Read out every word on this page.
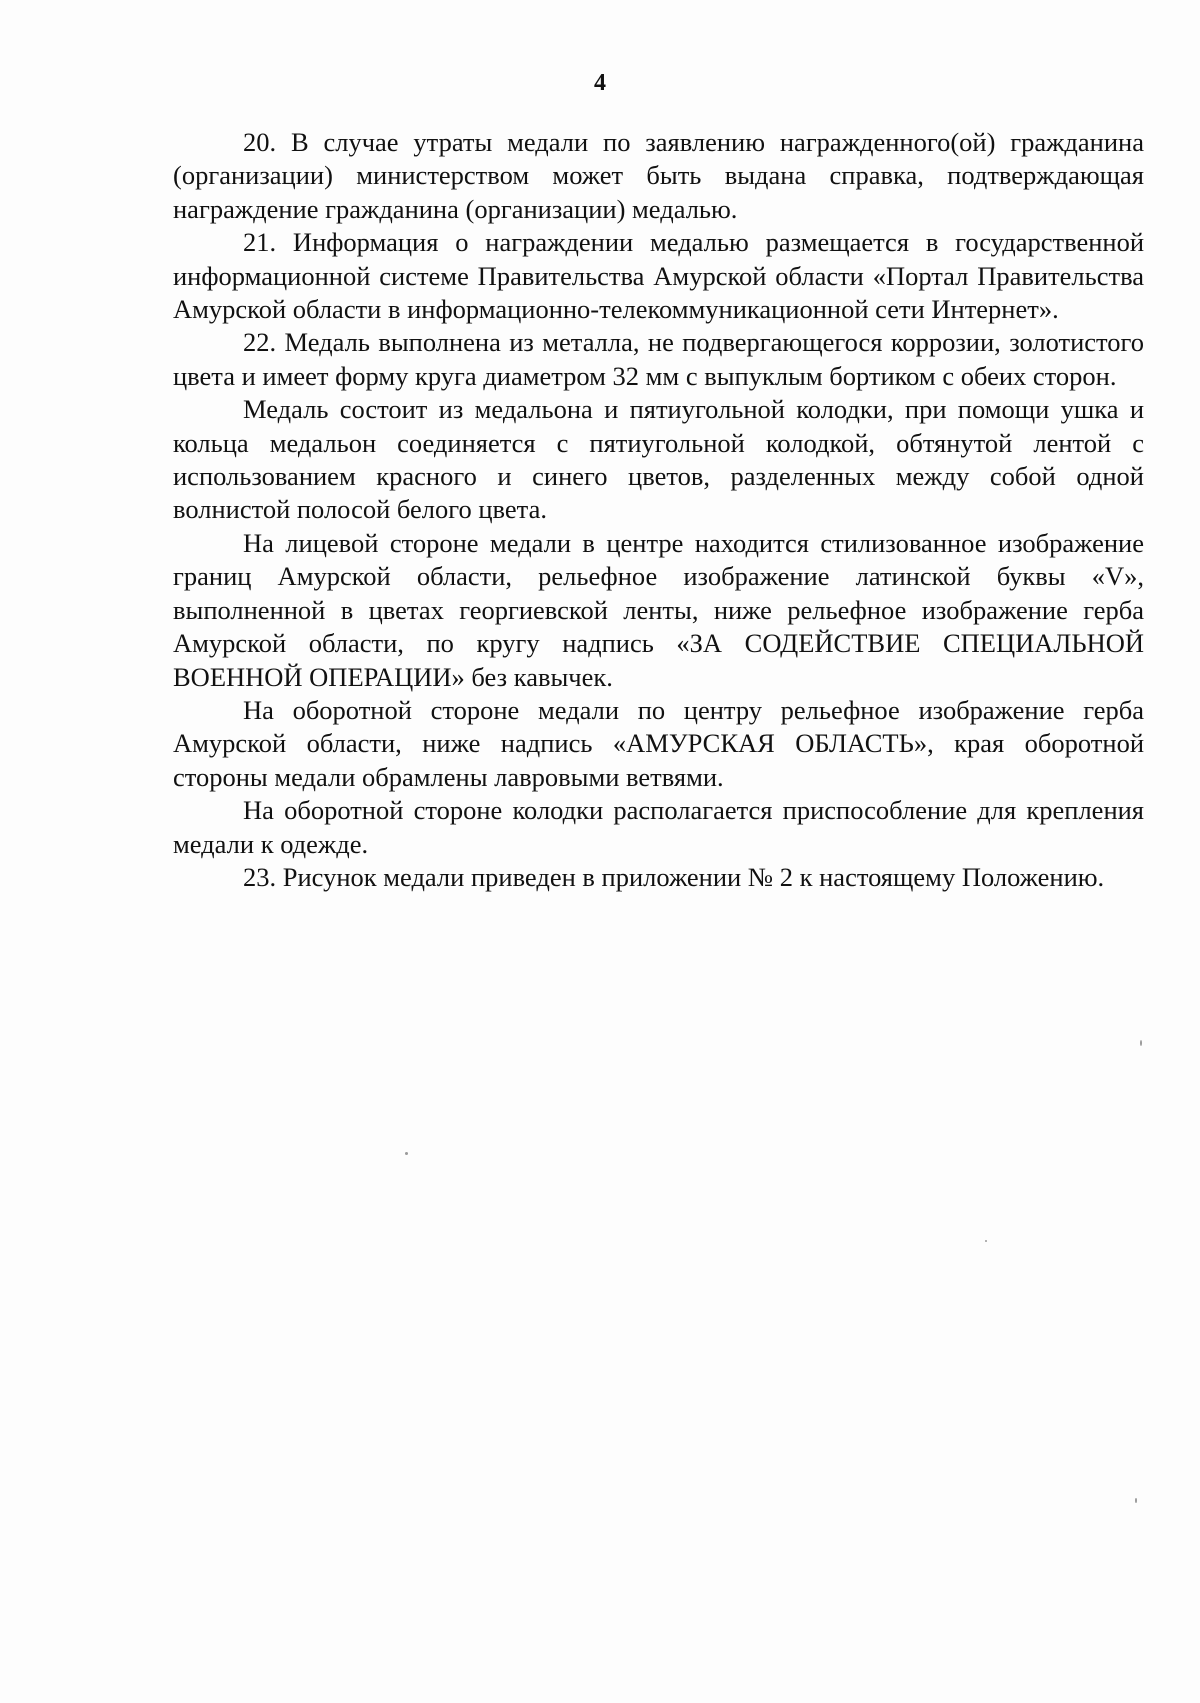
4

20. В случае утраты медали по заявлению награжденного(ой) гражданина (организации) министерством может быть выдана справка, подтверждающая награждение гражданина (организации) медалью.

21. Информация о награждении медалью размещается в государственной информационной системе Правительства Амурской области «Портал Правительства Амурской области в информационно-телекоммуникационной сети Интернет».

22. Медаль выполнена из металла, не подвергающегося коррозии, золотистого цвета и имеет форму круга диаметром 32 мм с выпуклым бортиком с обеих сторон.

Медаль состоит из медальона и пятиугольной колодки, при помощи ушка и кольца медальон соединяется с пятиугольной колодкой, обтянутой лентой с использованием красного и синего цветов, разделенных между собой одной волнистой полосой белого цвета.

На лицевой стороне медали в центре находится стилизованное изображение границ Амурской области, рельефное изображение латинской буквы «V», выполненной в цветах георгиевской ленты, ниже рельефное изображение герба Амурской области, по кругу надпись «ЗА СОДЕЙСТВИЕ СПЕЦИАЛЬНОЙ ВОЕННОЙ ОПЕРАЦИИ» без кавычек.

На оборотной стороне медали по центру рельефное изображение герба Амурской области, ниже надпись «АМУРСКАЯ ОБЛАСТЬ», края оборотной стороны медали обрамлены лавровыми ветвями.

На оборотной стороне колодки располагается приспособление для крепления медали к одежде.

23. Рисунок медали приведен в приложении № 2 к настоящему Положению.
